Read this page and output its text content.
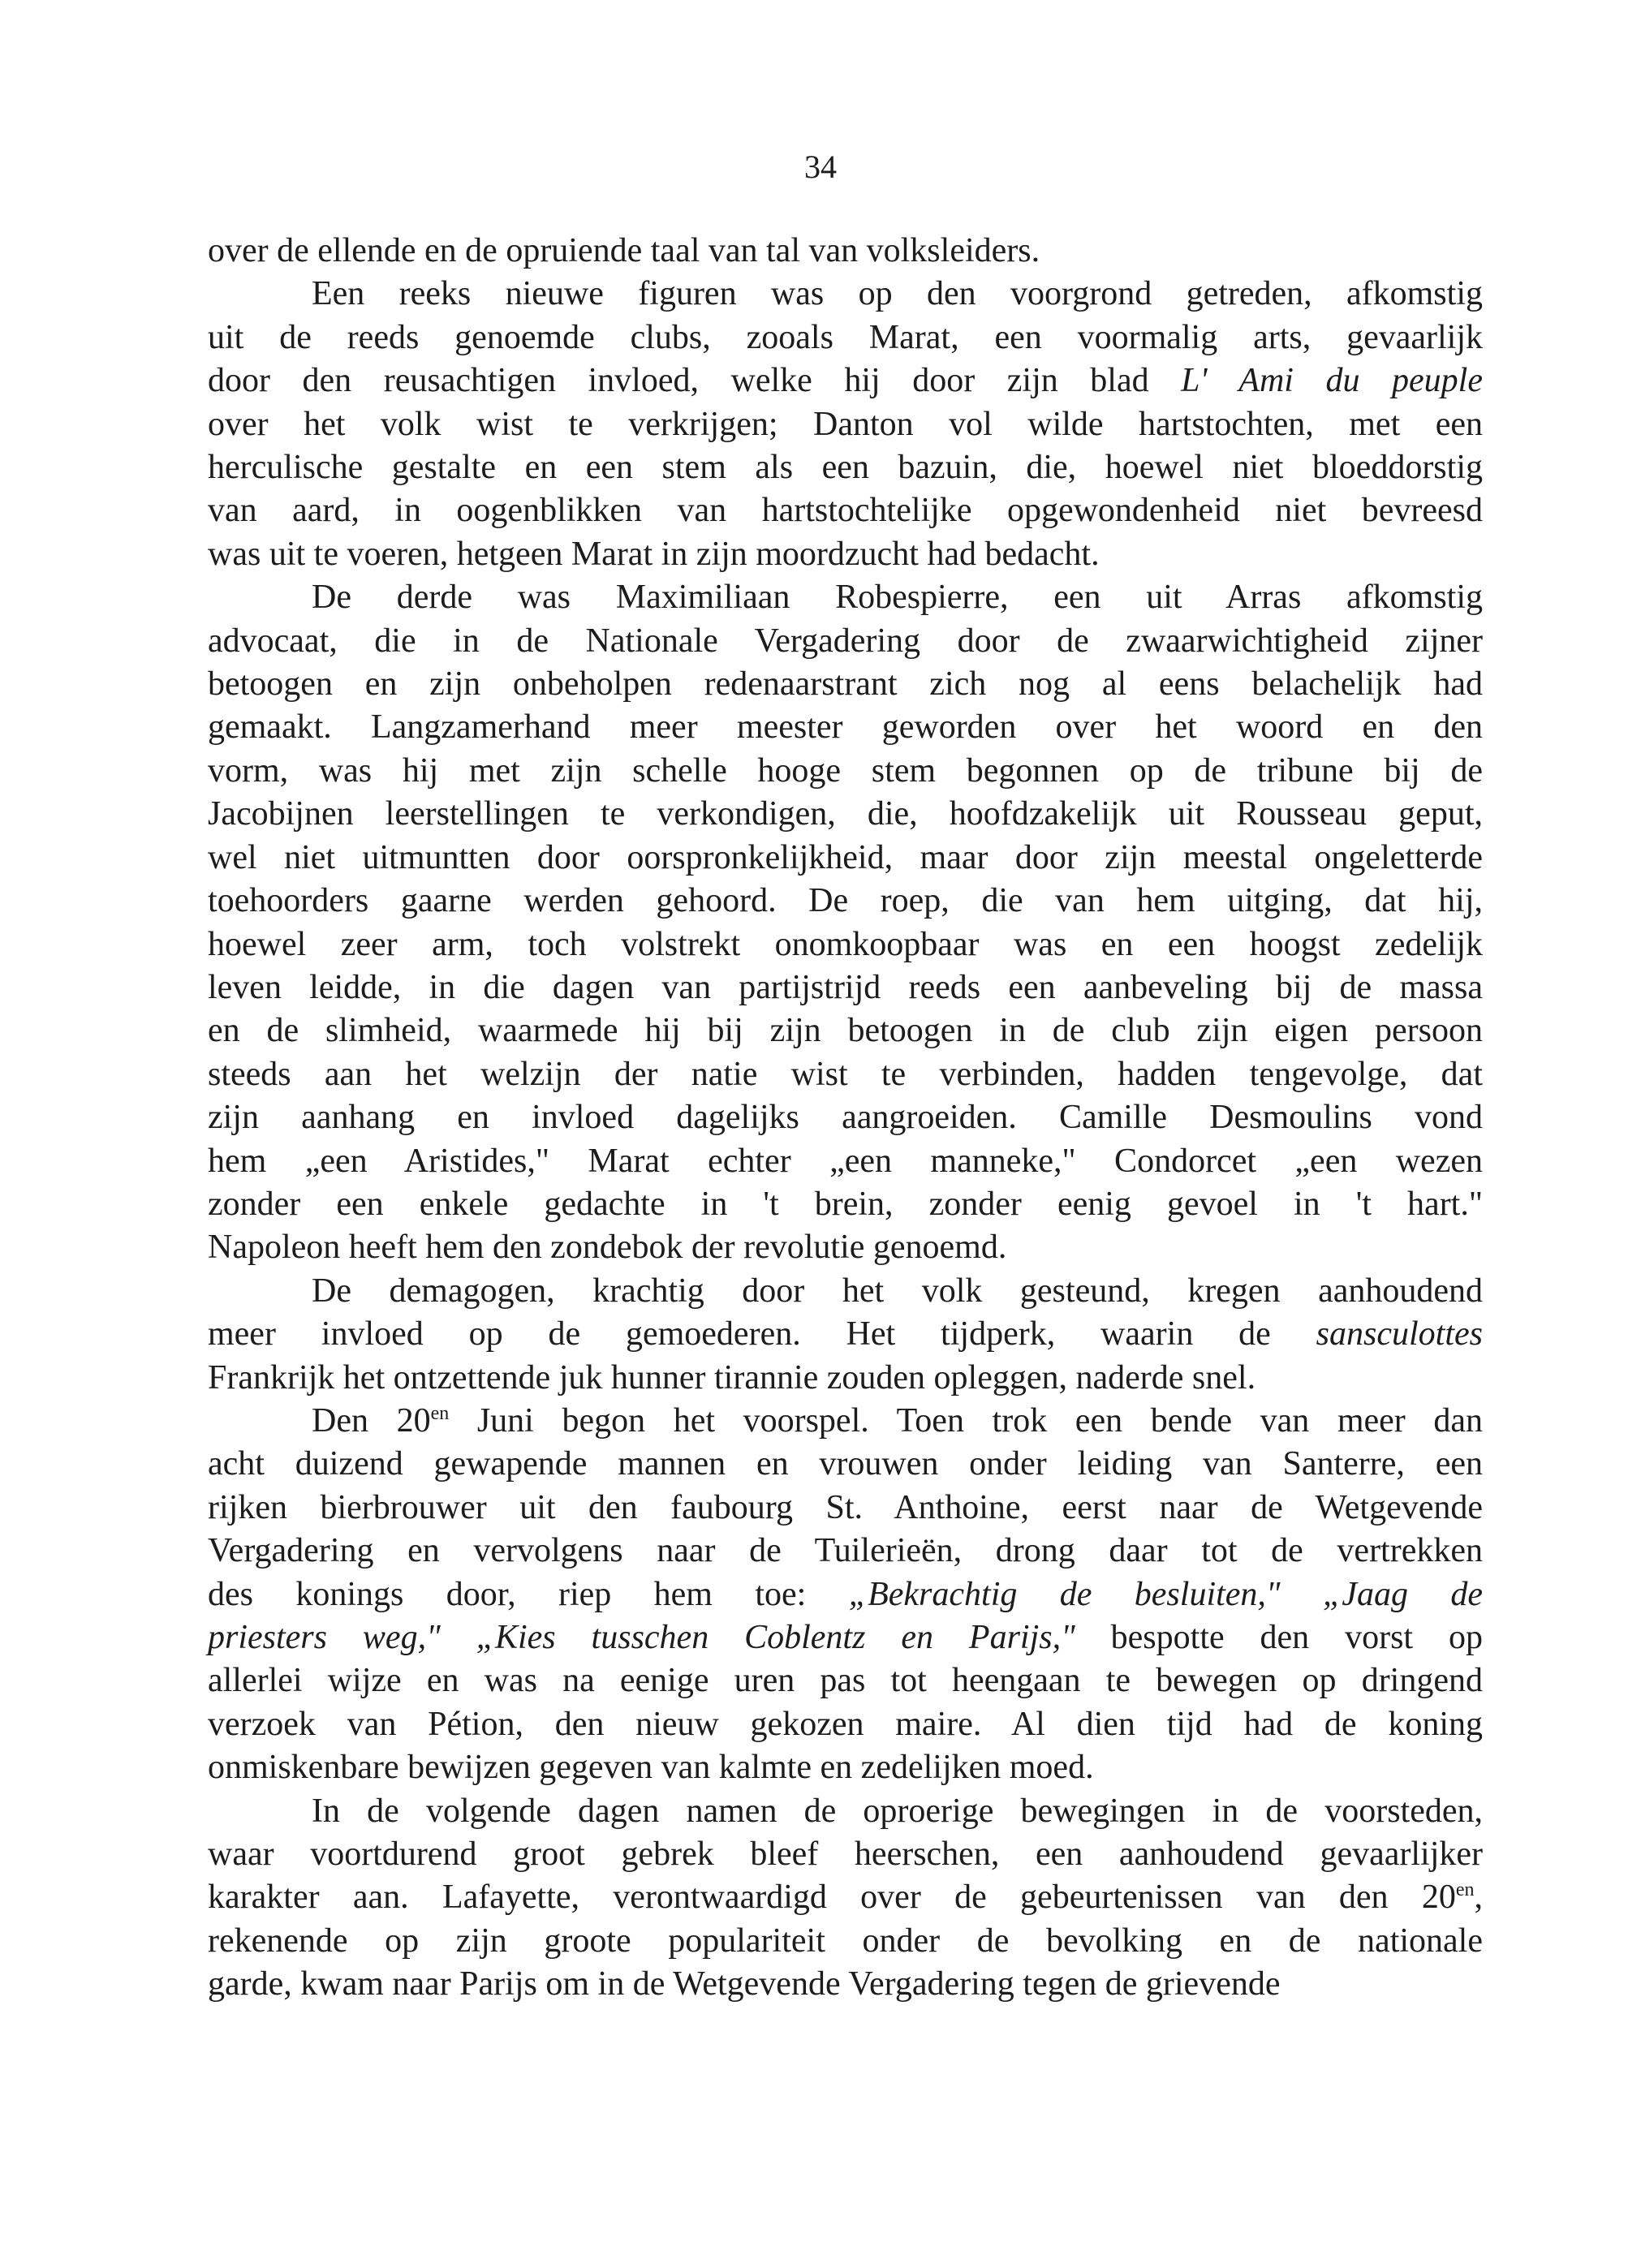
34
over de ellende en de opruiende taal van tal van volksleiders.
Een reeks nieuwe figuren was op den voorgrond getreden, afkomstig
uit de reeds genoemde clubs, zooals Marat, een voormalig arts, gevaarlijk
door den reusachtigen invloed, welke hij door zijn blad L' Ami du peuple
over het volk wist te verkrijgen; Danton vol wilde hartstochten, met een
herculische gestalte en een stem als een bazuin, die, hoewel niet bloeddorstig
van aard, in oogenblikken van hartstochtelijke opgewondenheid niet bevreesd
was uit te voeren, hetgeen Marat in zijn moordzucht had bedacht.
De derde was Maximiliaan Robespierre, een uit Arras afkomstig
advocaat, die in de Nationale Vergadering door de zwaarwichtigheid zijner
betoogen en zijn onbeholpen redenaarstrant zich nog al eens belachelijk had
gemaakt. Langzamerhand meer meester geworden over het woord en den
vorm, was hij met zijn schelle hooge stem begonnen op de tribune bij de
Jacobijnen leerstellingen te verkondigen, die, hoofdzakelijk uit Rousseau geput,
wel niet uitmuntten door oorspronkelijkheid, maar door zijn meestal ongeletterde
toehoorders gaarne werden gehoord. De roep, die van hem uitging, dat hij,
hoewel zeer arm, toch volstrekt onomkoopbaar was en een hoogst zedelijk
leven leidde, in die dagen van partijstrijd reeds een aanbeveling bij de massa
en de slimheid, waarmede hij bij zijn betoogen in de club zijn eigen persoon
steeds aan het welzijn der natie wist te verbinden, hadden tengevolge, dat
zijn aanhang en invloed dagelijks aangroeiden. Camille Desmoulins vond
hem „een Aristides," Marat echter „een manneke," Condorcet „een wezen
zonder een enkele gedachte in 't brein, zonder eenig gevoel in 't hart."
Napoleon heeft hem den zondebok der revolutie genoemd.
De demagogen, krachtig door het volk gesteund, kregen aanhoudend
meer invloed op de gemoederen. Het tijdperk, waarin de sansculottes
Frankrijk het ontzettende juk hunner tirannie zouden opleggen, naderde snel.
Den $20^{en}$ Juni begon het voorspel. Toen trok een bende van meer dan
acht duizend gewapende mannen en vrouwen onder leiding van Santerre, een
rijken bierbrouwer uit den faubourg St. Anthoine, eerst naar de Wetgevende
Vergadering en vervolgens naar de Tuilerieën, drong daar tot de vertrekken
des konings door, riep hem toe: „Bekrachtig de besluiten," „Jaag de
priesters weg," „Kies tusschen Coblentz en Parijs," bespotte den vorst op
allerlei wijze en was na eenige uren pas tot heengaan te bewegen op dringend
verzoek van Pétion, den nieuw gekozen maire. Al dien tijd had de koning
onmiskenbare bewijzen gegeven van kalmte en zedelijken moed.
In de volgende dagen namen de oproerige bewegingen in de voorsteden,
waar voortdurend groot gebrek bleef heerschen, een aanhoudend gevaarlijker
karakter aan. Lafayette, verontwaardigd over de gebeurtenissen van den $20^{en}$,
rekenende op zijn groote populariteit onder de bevolking en de nationale
garde, kwam naar Parijs om in de Wetgevende Vergadering tegen de grievende
